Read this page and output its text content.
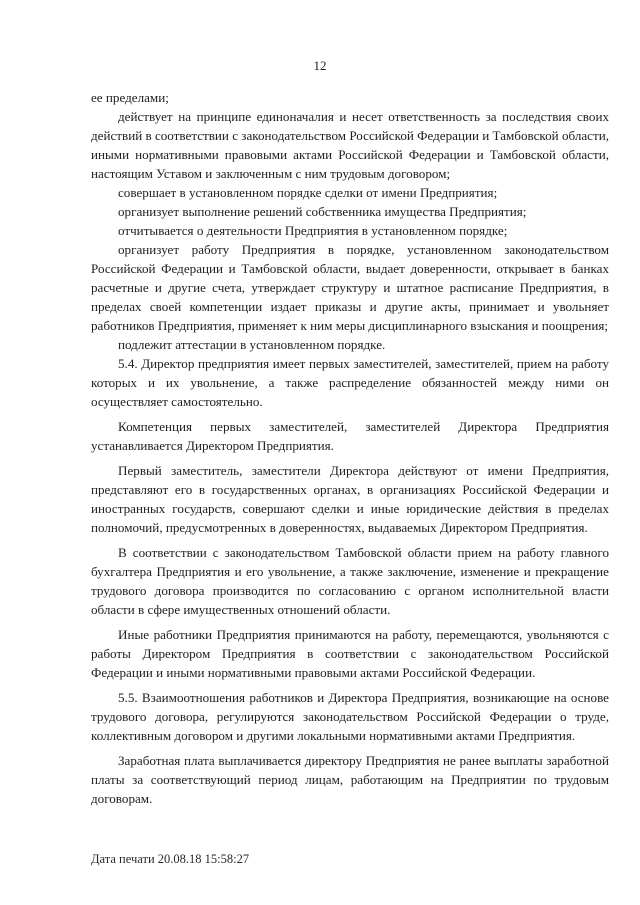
12

ее пределами;

действует на принципе единоначалия и несет ответственность за последствия своих действий в соответствии с законодательством Российской Федерации и Тамбовской области, иными нормативными правовыми актами Российской Федерации и Тамбовской области, настоящим Уставом и заключенным с ним трудовым договором;

совершает в установленном порядке сделки от имени Предприятия;

организует выполнение решений собственника имущества Предприятия;

отчитывается о деятельности Предприятия в установленном порядке;

организует работу Предприятия в порядке, установленном законодательством Российской Федерации и Тамбовской области, выдает доверенности, открывает в банках расчетные и другие счета, утверждает структуру и штатное расписание Предприятия, в пределах своей компетенции издает приказы и другие акты, принимает и увольняет работников Предприятия, применяет к ним меры дисциплинарного взыскания и поощрения;

подлежит аттестации в установленном порядке.

5.4. Директор предприятия имеет первых заместителей, заместителей, прием на работу которых и их увольнение, а также распределение обязанностей между ними он осуществляет самостоятельно.

Компетенция первых заместителей, заместителей Директора Предприятия устанавливается Директором Предприятия.

Первый заместитель, заместители Директора действуют от имени Предприятия, представляют его в государственных органах, в организациях Российской Федерации и иностранных государств, совершают сделки и иные юридические действия в пределах полномочий, предусмотренных в доверенностях, выдаваемых Директором Предприятия.

В соответствии с законодательством Тамбовской области прием на работу главного бухгалтера Предприятия и его увольнение, а также заключение, изменение и прекращение трудового договора производится по согласованию с органом исполнительной власти области в сфере имущественных отношений области.

Иные работники Предприятия принимаются на работу, перемещаются, увольняются с работы Директором Предприятия в соответствии с законодательством Российской Федерации и иными нормативными правовыми актами Российской Федерации.

5.5. Взаимоотношения работников и Директора Предприятия, возникающие на основе трудового договора, регулируются законодательством Российской Федерации о труде, коллективным договором и другими локальными нормативными актами Предприятия.

Заработная плата выплачивается директору Предприятия не ранее выплаты заработной платы за соответствующий период лицам, работающим на Предприятии по трудовым договорам.

Дата печати 20.08.18 15:58:27
